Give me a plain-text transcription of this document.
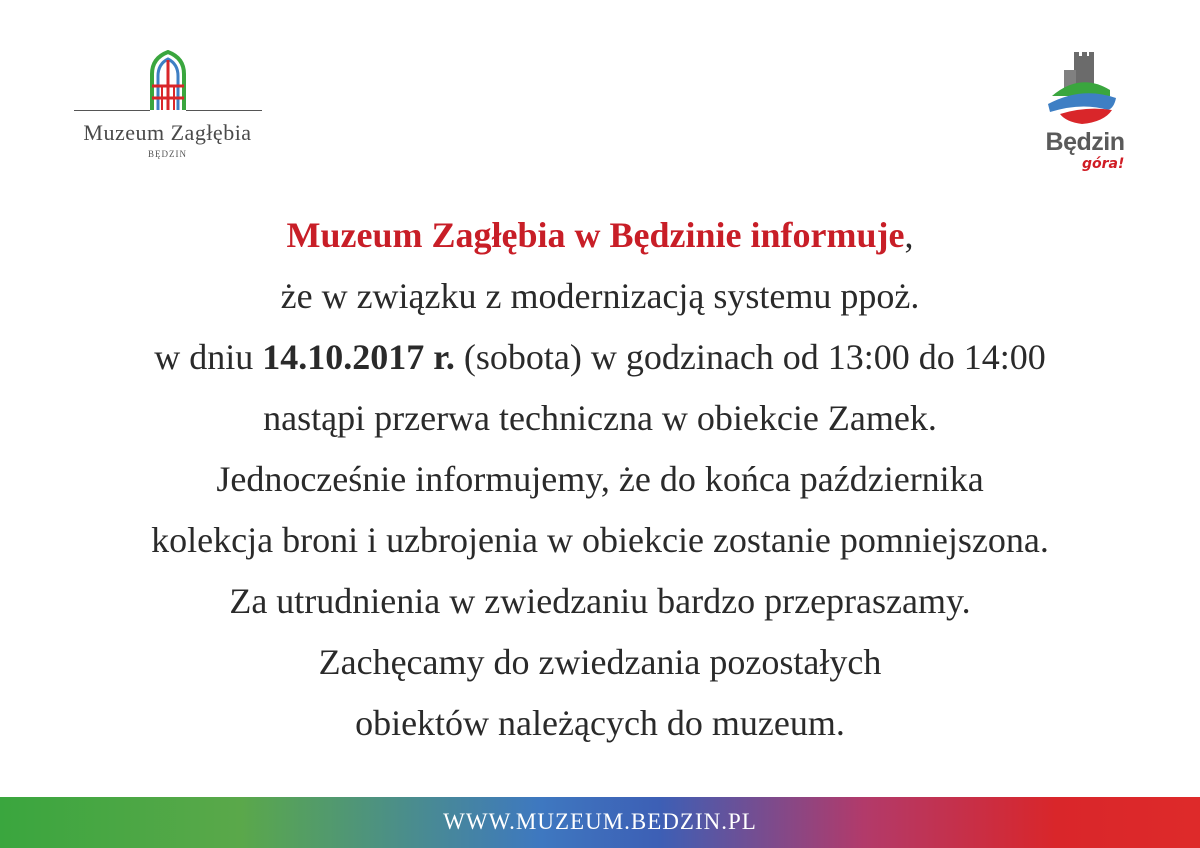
Muzeum Zagłębia
BĘDZIN	Będzin
góra!
Muzeum Zagłębia w Będzinie informuje,
że w związku z modernizacją systemu ppoż.
w dniu 14.10.2017 r. (sobota) w godzinach od 13:00 do 14:00
nastąpi przerwa techniczna w obiekcie Zamek.
Jednocześnie informujemy, że do końca października
kolekcja broni i uzbrojenia w obiekcie zostanie pomniejszona.
Za utrudnienia w zwiedzaniu bardzo przepraszamy.
Zachęcamy do zwiedzania pozostałych
obiektów należących do muzeum.
WWW.MUZEUM.BEDZIN.PL
